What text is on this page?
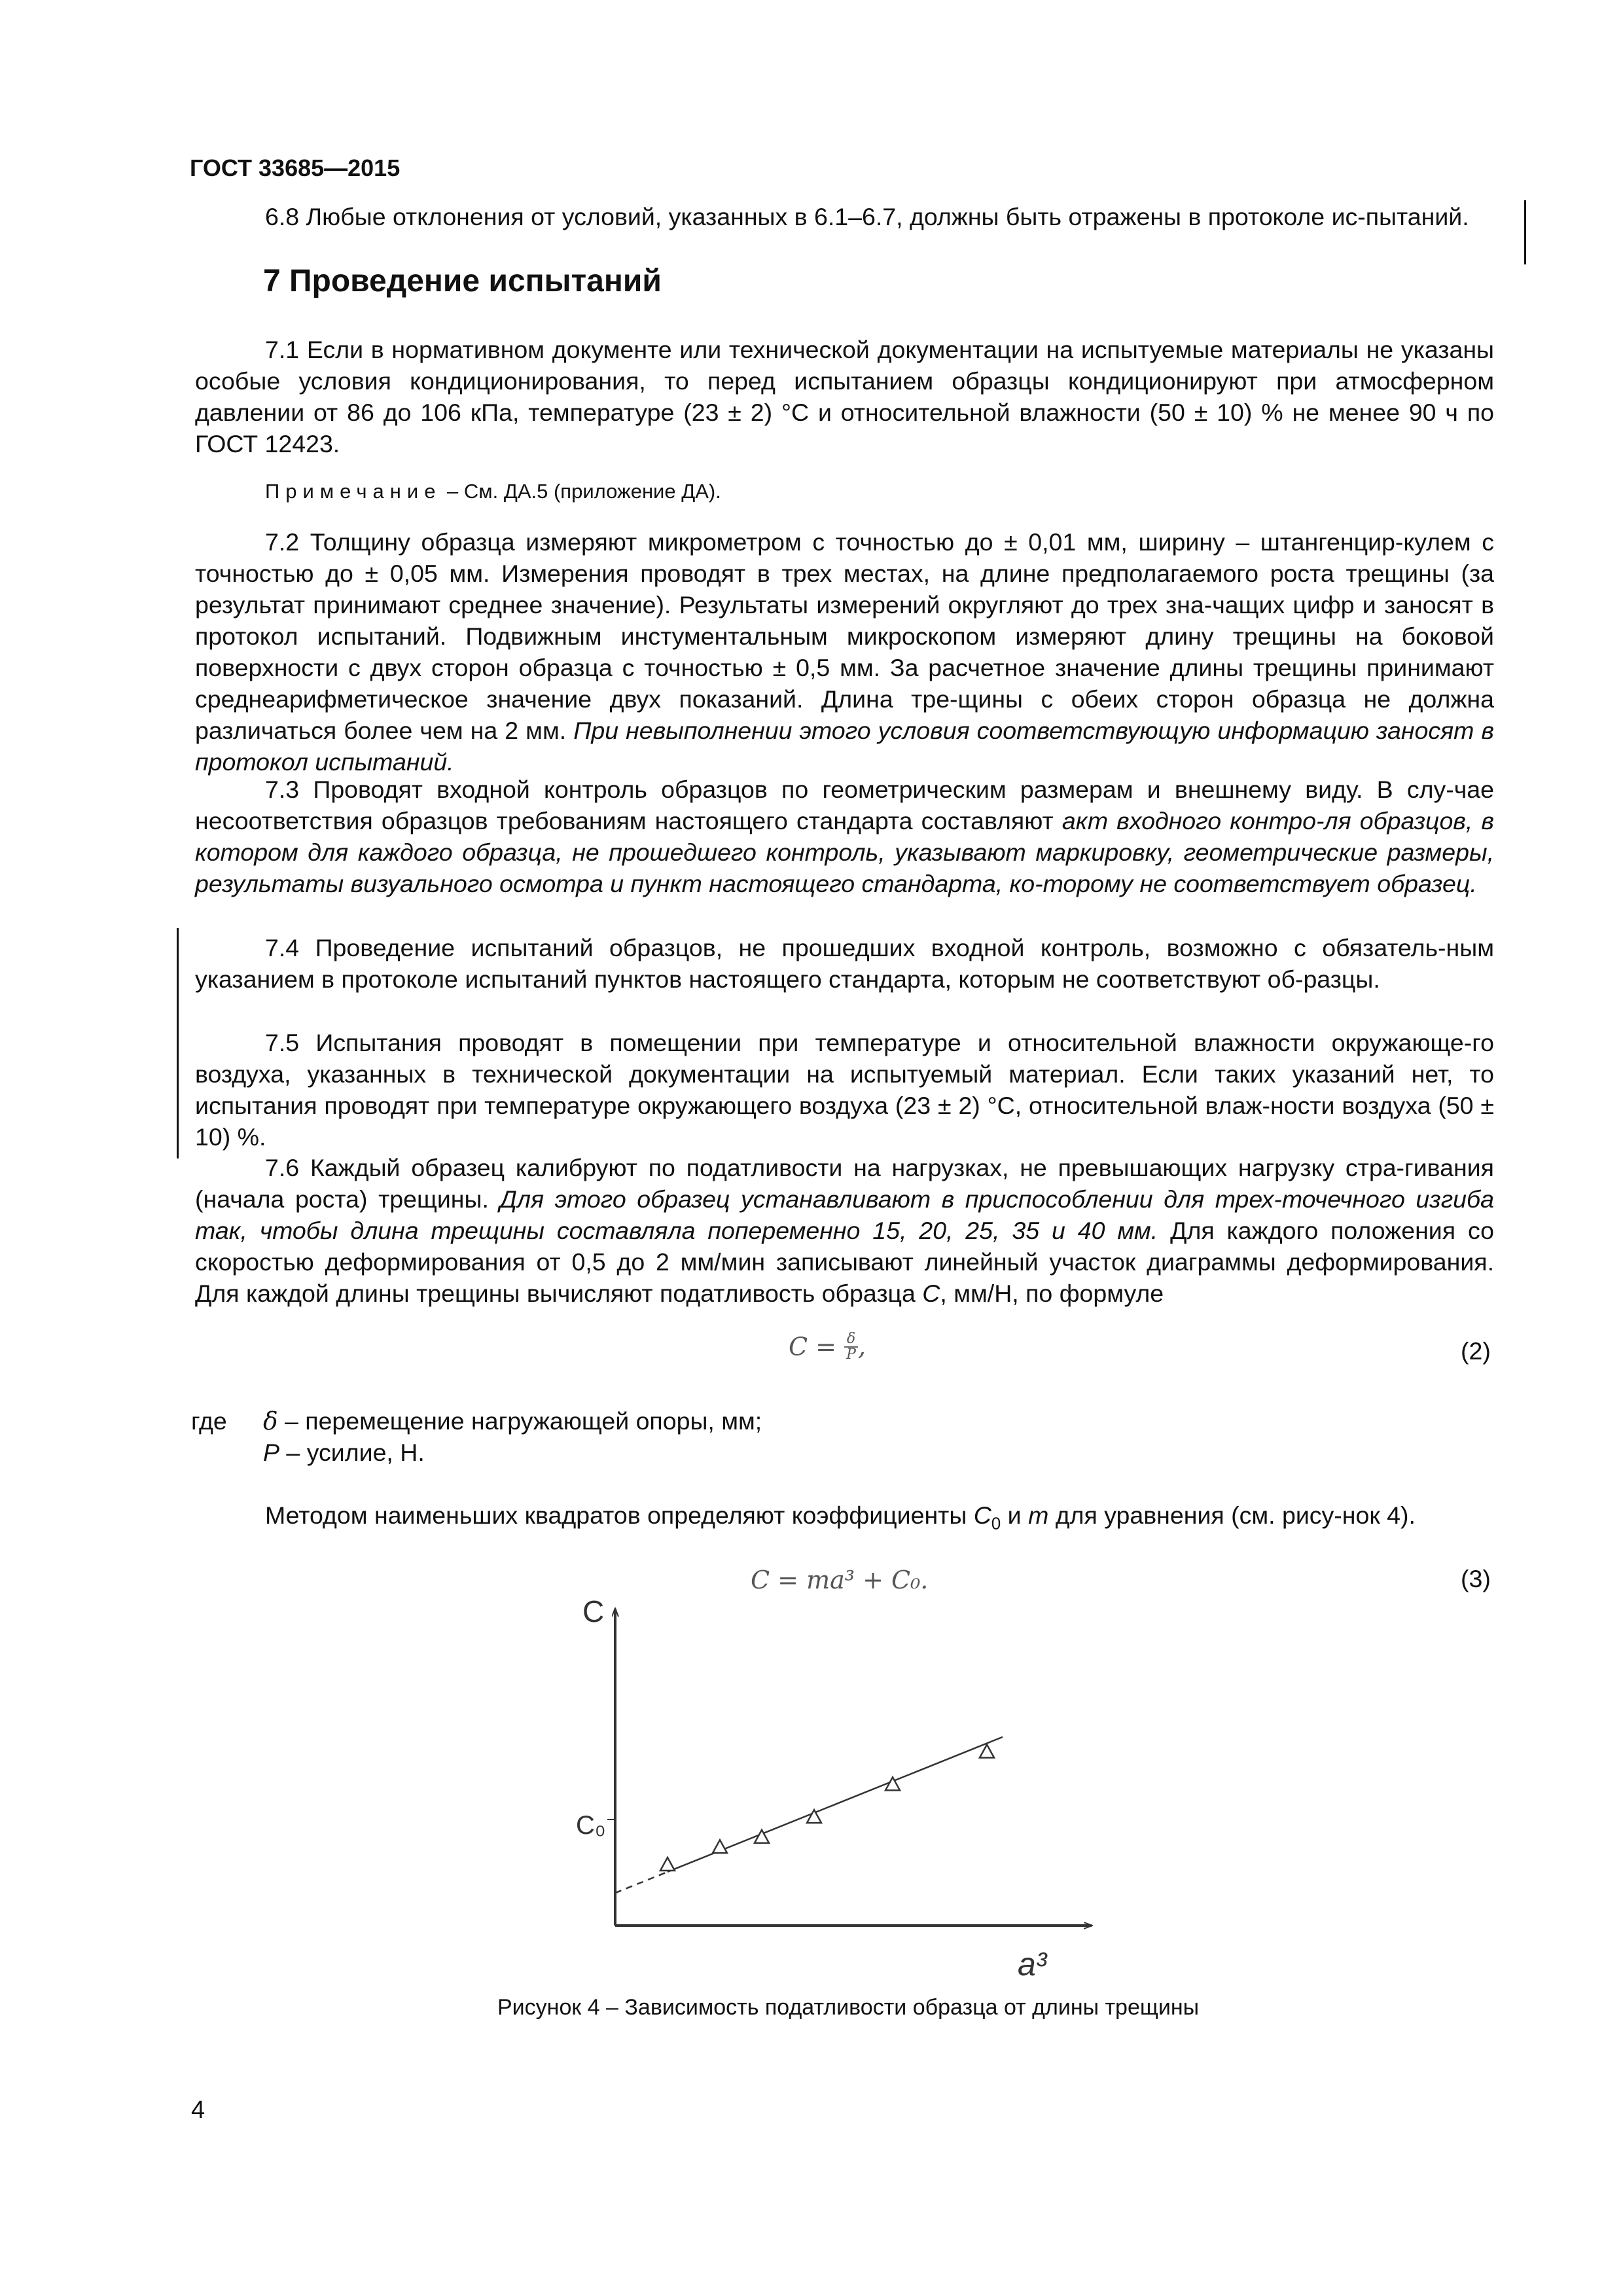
ГОСТ 33685—2015

6.8 Любые отклонения от условий, указанных в 6.1–6.7, должны быть отражены в протоколе ис-пытаний.

7 Проведение испытаний

7.1 Если в нормативном документе или технической документации на испытуемые материалы не указаны особые условия кондиционирования, то перед испытанием образцы кондиционируют при атмосферном давлении от 86 до 106 кПа, температуре (23 ± 2) °С и относительной влажности (50 ± 10) % не менее 90 ч по ГОСТ 12423.

Примечание – См. ДА.5 (приложение ДА).

7.2 Толщину образца измеряют микрометром с точностью до ± 0,01 мм, ширину – штангенцир-кулем с точностью до ± 0,05 мм. Измерения проводят в трех местах, на длине предполагаемого роста трещины (за результат принимают среднее значение). Результаты измерений округляют до трех зна-чащих цифр и заносят в протокол испытаний. Подвижным инстументальным микроскопом измеряют длину трещины на боковой поверхности с двух сторон образца с точностью ± 0,5 мм. За расчетное значение длины трещины принимают среднеарифметическое значение двух показаний. Длина тре-щины с обеих сторон образца не должна различаться более чем на 2 мм. При невыполнении этого условия соответствующую информацию заносят в протокол испытаний.

7.3 Проводят входной контроль образцов по геометрическим размерам и внешнему виду. В слу-чае несоответствия образцов требованиям настоящего стандарта составляют акт входного контро-ля образцов, в котором для каждого образца, не прошедшего контроль, указывают маркировку, геометрические размеры, результаты визуального осмотра и пункт настоящего стандарта, ко-торому не соответствует образец.

7.4 Проведение испытаний образцов, не прошедших входной контроль, возможно с обязатель-ным указанием в протоколе испытаний пунктов настоящего стандарта, которым не соответствуют об-разцы.

7.5 Испытания проводят в помещении при температуре и относительной влажности окружающе-го воздуха, указанных в технической документации на испытуемый материал. Если таких указаний нет, то испытания проводят при температуре окружающего воздуха (23 ± 2) °С, относительной влаж-ности воздуха (50 ± 10) %.

7.6 Каждый образец калибруют по податливости на нагрузках, не превышающих нагрузку стра-гивания (начала роста) трещины. Для этого образец устанавливают в приспособлении для трех-точечного изгиба так, чтобы длина трещины составляла попеременно 15, 20, 25, 35 и 40 мм. Для каждого положения со скоростью деформирования от 0,5 до 2 мм/мин записывают линейный участок диаграммы деформирования. Для каждой длины трещины вычисляют податливость образца С, мм/Н, по формуле

$C = \frac{\delta}{P}$ ,	(2)
где δ – перемещение нагружающей опоры, мм;
Р – усилие, Н.

Методом наименьших квадратов определяют коэффициенты $С_0$ и m для уравнения (см. рису-нок 4).

C = ma³ + C₀.	(3)
С
a³
C₀
Рисунок 4 – Зависимость податливости образца от длины трещины
4
